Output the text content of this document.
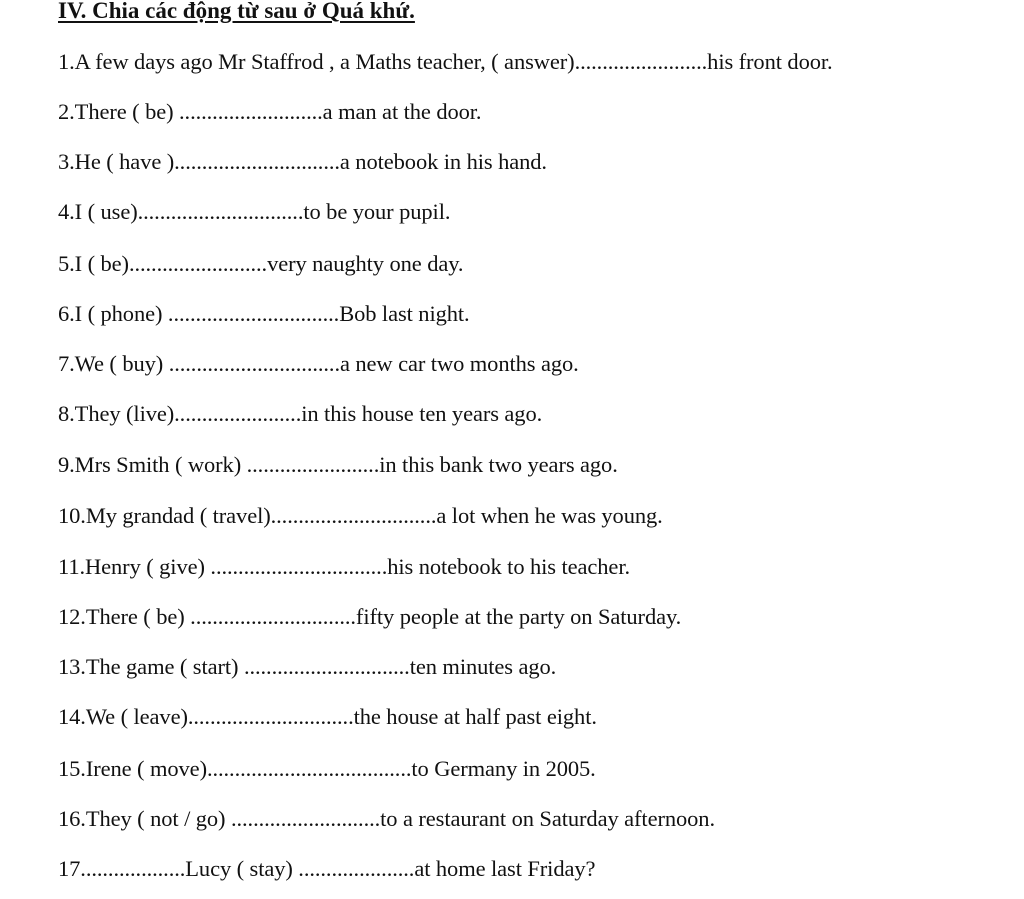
IV. Chia các động từ sau ở Quá khứ.
1.A few days ago Mr Staffrod , a Maths teacher, ( answer)........................his front door.
2.There ( be) ..........................a man at the door.
3.He ( have )..............................a notebook in his hand.
4.I ( use)..............................to be your pupil.
5.I ( be).........................very naughty one day.
6.I ( phone) ...............................Bob last night.
7.We ( buy) ...............................a new car two months ago.
8.They (live).......................in this house ten years ago.
9.Mrs Smith ( work) ........................in this bank two years ago.
10.My grandad ( travel)..............................a lot when he was young.
11.Henry ( give) ................................his notebook to his teacher.
12.There ( be) ..............................fifty people at the party on Saturday.
13.The game ( start) ..............................ten minutes ago.
14.We ( leave)..............................the house at half past eight.
15.Irene ( move).....................................to Germany in 2005.
16.They ( not / go) ...........................to a restaurant on Saturday afternoon.
17...................Lucy ( stay) .....................at home last Friday?
